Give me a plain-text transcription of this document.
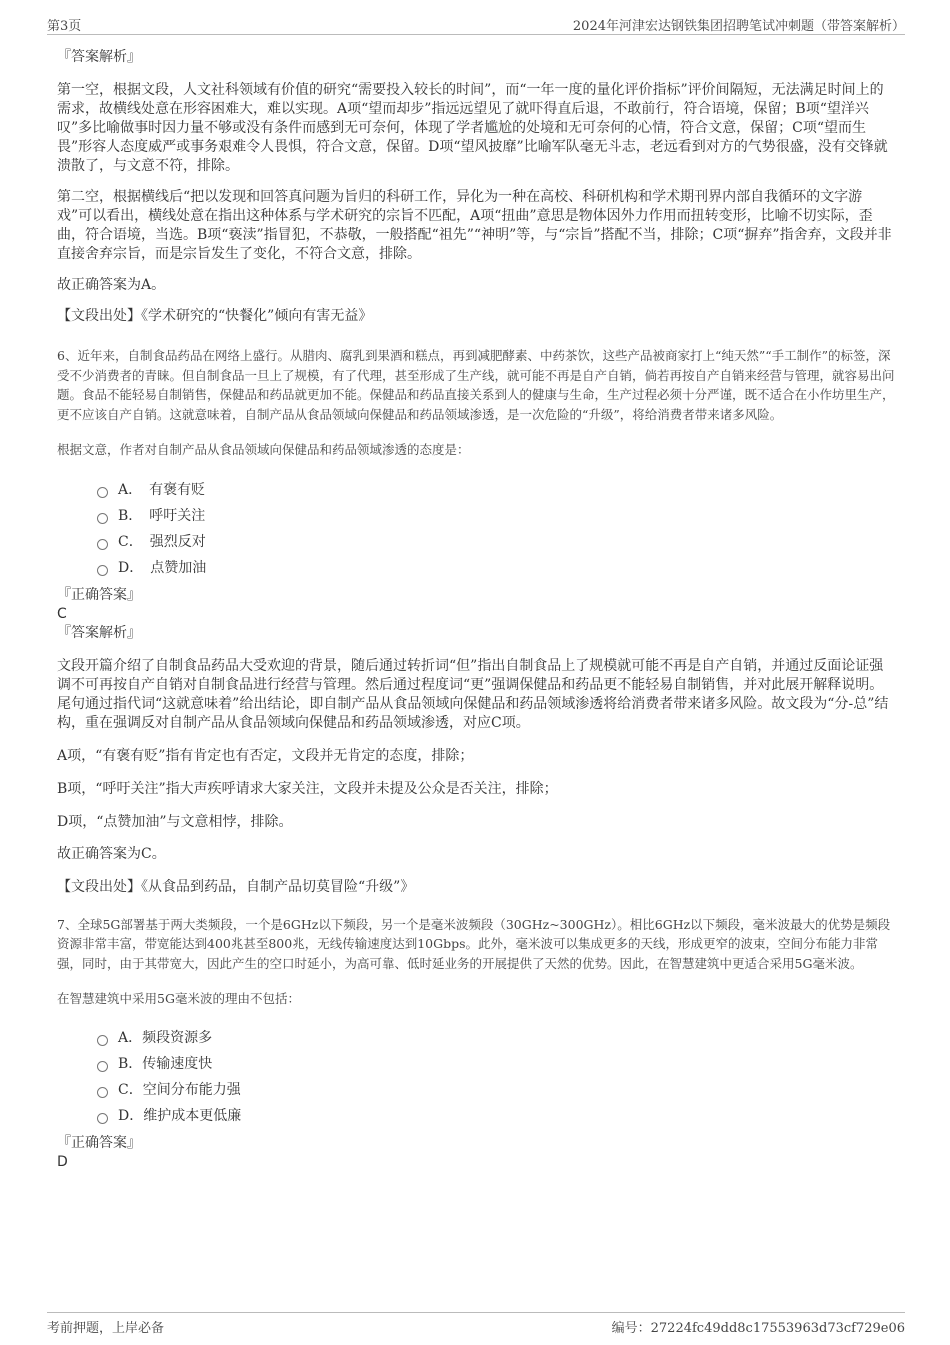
第3页	2024年河津宏达钢铁集团招聘笔试冲刺题（带答案解析）

『答案解析』

第一空，根据文段，人文社科领域有价值的研究“需要投入较长的时间”，而“一年一度的量化评价指标”评价间隔短，无法满足时间上的需求，故横线处意在形容困难大，难以实现。A项“望而却步”指远远望见了就吓得直后退，不敢前行，符合语境，保留；B项“望洋兴叹”多比喻做事时因力量不够或没有条件而感到无可奈何，体现了学者尴尬的处境和无可奈何的心情，符合文意，保留；C项“望而生畏”形容人态度威严或事务艰难令人畏惧，符合文意，保留。D项“望风披靡”比喻军队毫无斗志，老远看到对方的气势很盛，没有交锋就溃散了，与文意不符，排除。

第二空，根据横线后“把以发现和回答真问题为旨归的科研工作，异化为一种在高校、科研机构和学术期刊界内部自我循环的文字游戏”可以看出，横线处意在指出这种体系与学术研究的宗旨不匹配，A项“扭曲”意思是物体因外力作用而扭转变形，比喻不切实际，歪曲，符合语境，当选。B项“亵渎”指冒犯，不恭敬，一般搭配“祖先”“神明”等，与“宗旨”搭配不当，排除；C项“摒弃”指舍弃，文段并非直接舍弃宗旨，而是宗旨发生了变化，不符合文意，排除。

故正确答案为A。

【文段出处】《学术研究的“快餐化”倾向有害无益》

6、近年来，自制食品药品在网络上盛行。从腊肉、腐乳到果酒和糕点，再到减肥酵素、中药茶饮，这些产品被商家打上“纯天然”“手工制作”的标签，深受不少消费者的青睐。但自制食品一旦上了规模，有了代理，甚至形成了生产线，就可能不再是自产自销，倘若再按自产自销来经营与管理，就容易出问题。食品不能轻易自制销售，保健品和药品就更加不能。保健品和药品直接关系到人的健康与生命，生产过程必须十分严谨，既不适合在小作坊里生产，更不应该自产自销。这就意味着，自制产品从食品领域向保健品和药品领域渗透，是一次危险的“升级”，将给消费者带来诸多风险。

根据文意，作者对自制产品从食品领域向保健品和药品领域渗透的态度是：

A．　有褒有贬
B．　呼吁关注
C．　强烈反对
D．　点赞加油

『正确答案』

C

『答案解析』

文段开篇介绍了自制食品药品大受欢迎的背景，随后通过转折词“但”指出自制食品上了规模就可能不再是自产自销，并通过反面论证强调不可再按自产自销对自制食品进行经营与管理。然后通过程度词“更”强调保健品和药品更不能轻易自制销售，并对此展开解释说明。尾句通过指代词“这就意味着”给出结论，即自制产品从食品领域向保健品和药品领域渗透将给消费者带来诸多风险。故文段为“分-总”结构，重在强调反对自制产品从食品领域向保健品和药品领域渗透，对应C项。

A项，“有褒有贬”指有肯定也有否定，文段并无肯定的态度，排除；

B项，“呼吁关注”指大声疾呼请求大家关注，文段并未提及公众是否关注，排除；

D项，“点赞加油”与文意相悖，排除。

故正确答案为C。

【文段出处】《从食品到药品，自制产品切莫冒险“升级”》

7、全球5G部署基于两大类频段，一个是6GHz以下频段，另一个是毫米波频段（30GHz~300GHz）。相比6GHz以下频段，毫米波最大的优势是频段资源非常丰富，带宽能达到400兆甚至800兆，无线传输速度达到10Gbps。此外，毫米波可以集成更多的天线，形成更窄的波束，空间分布能力非常强，同时，由于其带宽大，因此产生的空口时延小，为高可靠、低时延业务的开展提供了天然的优势。因此，在智慧建筑中更适合采用5G毫米波。

在智慧建筑中采用5G毫米波的理由不包括：

A．频段资源多
B．传输速度快
C．空间分布能力强
D．维护成本更低廉

『正确答案』

D

考前押题，上岸必备	编号：27224fc49dd8c17553963d73cf729e06
